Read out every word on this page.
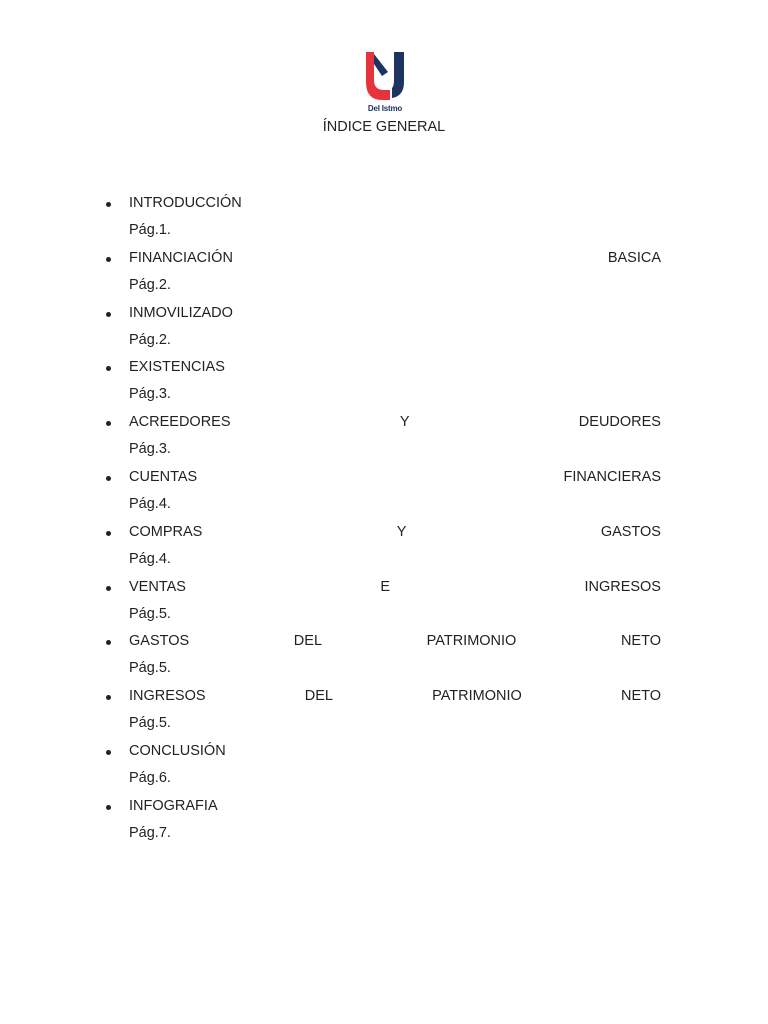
Del Istmo
ÍNDICE GENERAL
INTRODUCCIÓN
Pág.1.
FINANCIACIÓN	BASICA
Pág.2.
INMOVILIZADO
Pág.2.
EXISTENCIAS
Pág.3.
ACREEDORES	Y	DEUDORES
Pág.3.
CUENTAS	FINANCIERAS
Pág.4.
COMPRAS	Y	GASTOS
Pág.4.
VENTAS	E	INGRESOS
Pág.5.
GASTOS	DEL	PATRIMONIO	NETO
Pág.5.
INGRESOS	DEL	PATRIMONIO	NETO
Pág.5.
CONCLUSIÓN
Pág.6.
INFOGRAFIA
Pág.7.
